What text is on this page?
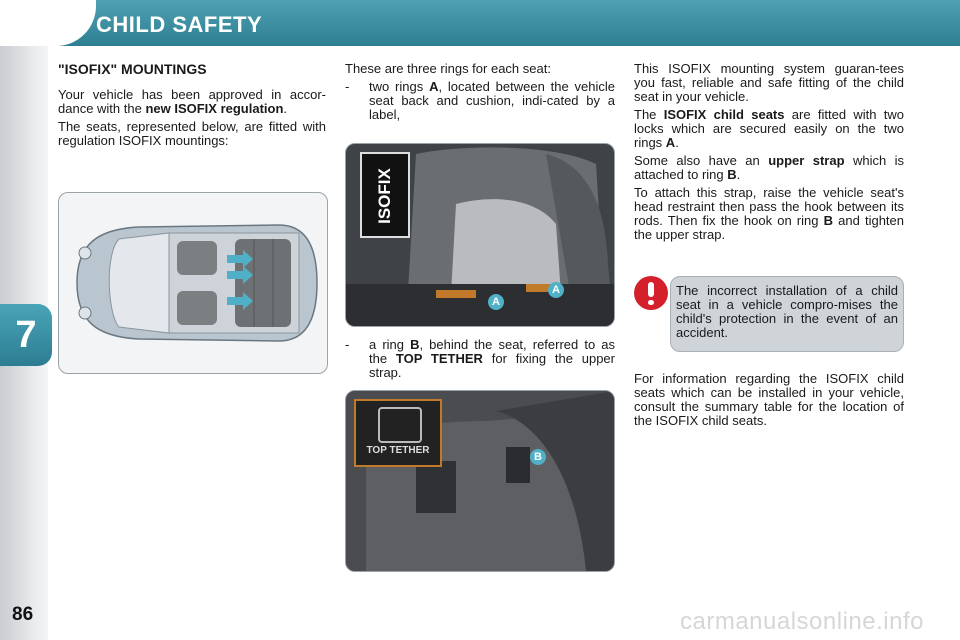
CHILD SAFETY
7
86
"ISOFIX" MOUNTINGS

Your vehicle has been approved in accor-dance with the new ISOFIX regulation.

The seats, represented below, are fitted with regulation ISOFIX mountings:

These are three rings for each seat:

-	two rings A, located between the vehicle seat back and cushion, indi-cated by a label,
ISOFIX
A
A
-	a ring B, behind the seat, referred to as the TOP TETHER for fixing the upper strap.
TOP TETHER
B

This ISOFIX mounting system guaran-tees you fast, reliable and safe fitting of the child seat in your vehicle.

The ISOFIX child seats are fitted with two locks which are secured easily on the two rings A.

Some also have an upper strap which is attached to ring B.

To attach this strap, raise the vehicle seat's head restraint then pass the hook between its rods. Then fix the hook on ring B and tighten the upper strap.

The incorrect installation of a child seat in a vehicle compro-mises the child's protection in the event of an accident.

For information regarding the ISOFIX child seats which can be installed in your vehicle, consult the summary table for the location of the ISOFIX child seats.

carmanualsonline.info
